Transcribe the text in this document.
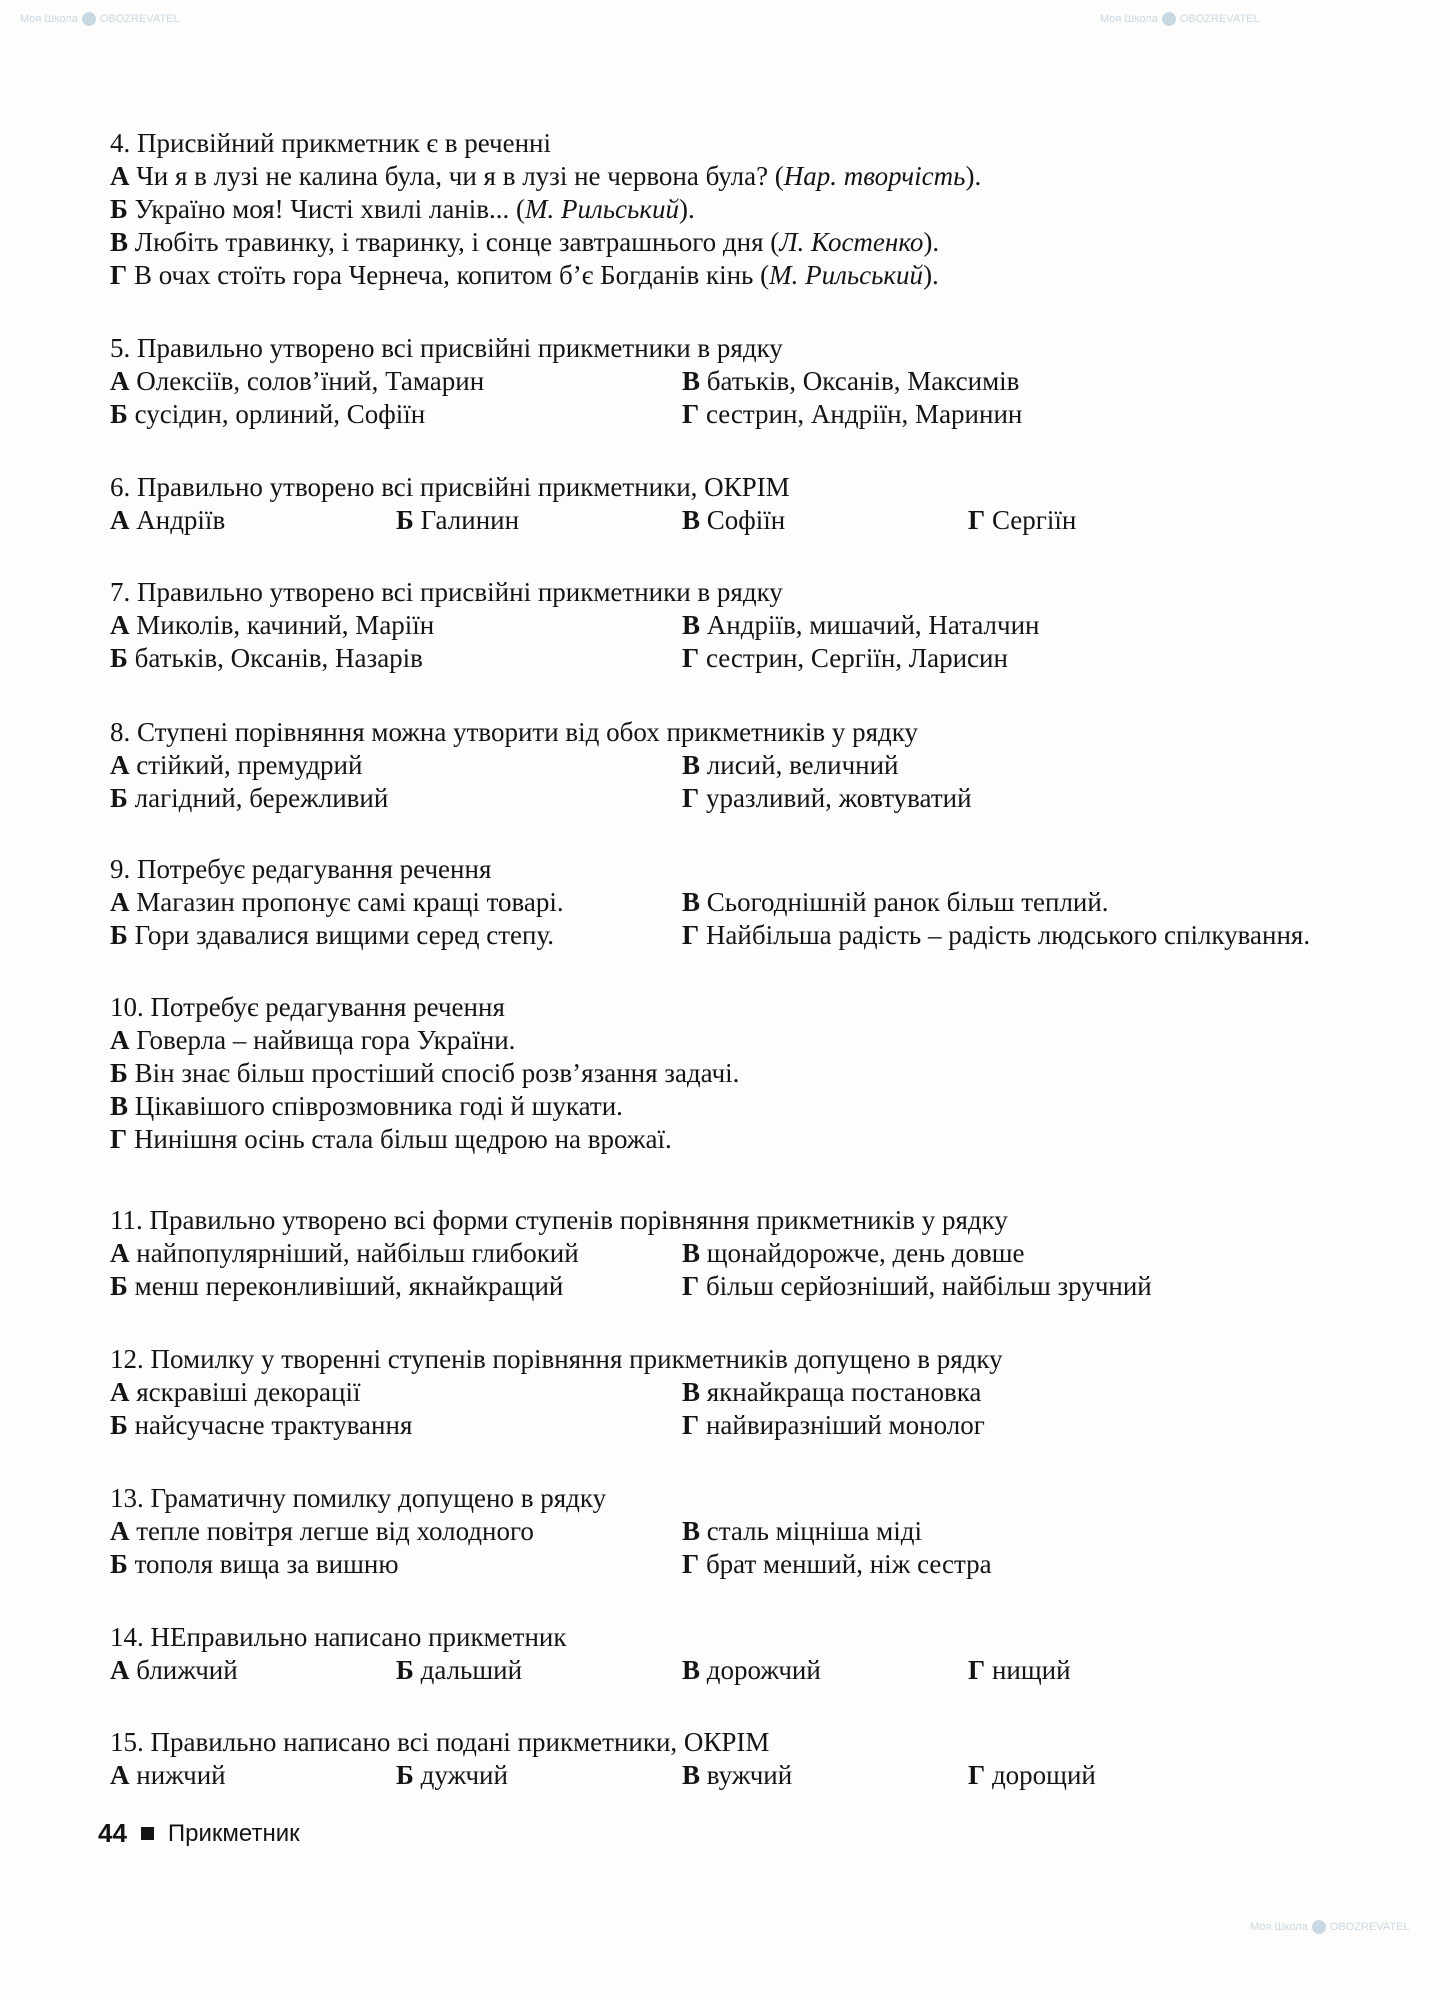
4. Присвійний прикметник є в реченні
А Чи я в лузі не калина була, чи я в лузі не червона була? (Нар. творчість).
Б Україно моя! Чисті хвилі ланів... (М. Рильський).
В Любіть травинку, і тваринку, і сонце завтрашнього дня (Л. Костенко).
Г В очах стоїть гора Чернеча, копитом б’є Богданів кінь (М. Рильський).
5. Правильно утворено всі присвійні прикметники в рядку
А Олексіїв, солов’їний, Тамарин	В батьків, Оксанів, Максимів
Б сусідин, орлиний, Софіїн	Г сестрин, Андріїн, Маринин
6. Правильно утворено всі присвійні прикметники, ОКРІМ
А Андріїв	Б Галинин	В Софіїн	Г Сергіїн
7. Правильно утворено всі присвійні прикметники в рядку
А Миколів, качиний, Маріїн	В Андріїв, мишачий, Наталчин
Б батьків, Оксанів, Назарів	Г сестрин, Сергіїн, Ларисин
8. Ступені порівняння можна утворити від обох прикметників у рядку
А стійкий, премудрий	В лисий, величний
Б лагідний, бережливий	Г уразливий, жовтуватий
9. Потребує редагування речення
А Магазин пропонує самі кращі товарі.	В Сьогоднішній ранок більш теплий.
Б Гори здавалися вищими серед степу.	Г Найбільша радість – радість людського спілкування.
10. Потребує редагування речення
А Говерла – найвища гора України.
Б Він знає більш простіший спосіб розв’язання задачі.
В Цікавішого співрозмовника годі й шукати.
Г Нинішня осінь стала більш щедрою на врожаї.
11. Правильно утворено всі форми ступенів порівняння прикметників у рядку
А найпопулярніший, найбільш глибокий	В щонайдорожче, день довше
Б менш переконливіший, якнайкращий	Г більш серйозніший, найбільш зручний
12. Помилку у творенні ступенів порівняння прикметників допущено в рядку
А яскравіші декорації	В якнайкраща постановка
Б найсучасне трактування	Г найвиразніший монолог
13. Граматичну помилку допущено в рядку
А тепле повітря легше від холодного	В сталь міцніша міді
Б тополя вища за вишню	Г брат менший, ніж сестра
14. НЕправильно написано прикметник
А ближчий	Б дальший	В дорожчий	Г нищий
15. Правильно написано всі подані прикметники, ОКРІМ
А нижчий	Б дужчий	В вужчий	Г дорощий
44 Прикметник
Моя Школа OBOZREVATEL	Моя Школа OBOZREVATEL
Моя Школа OBOZREVATEL
